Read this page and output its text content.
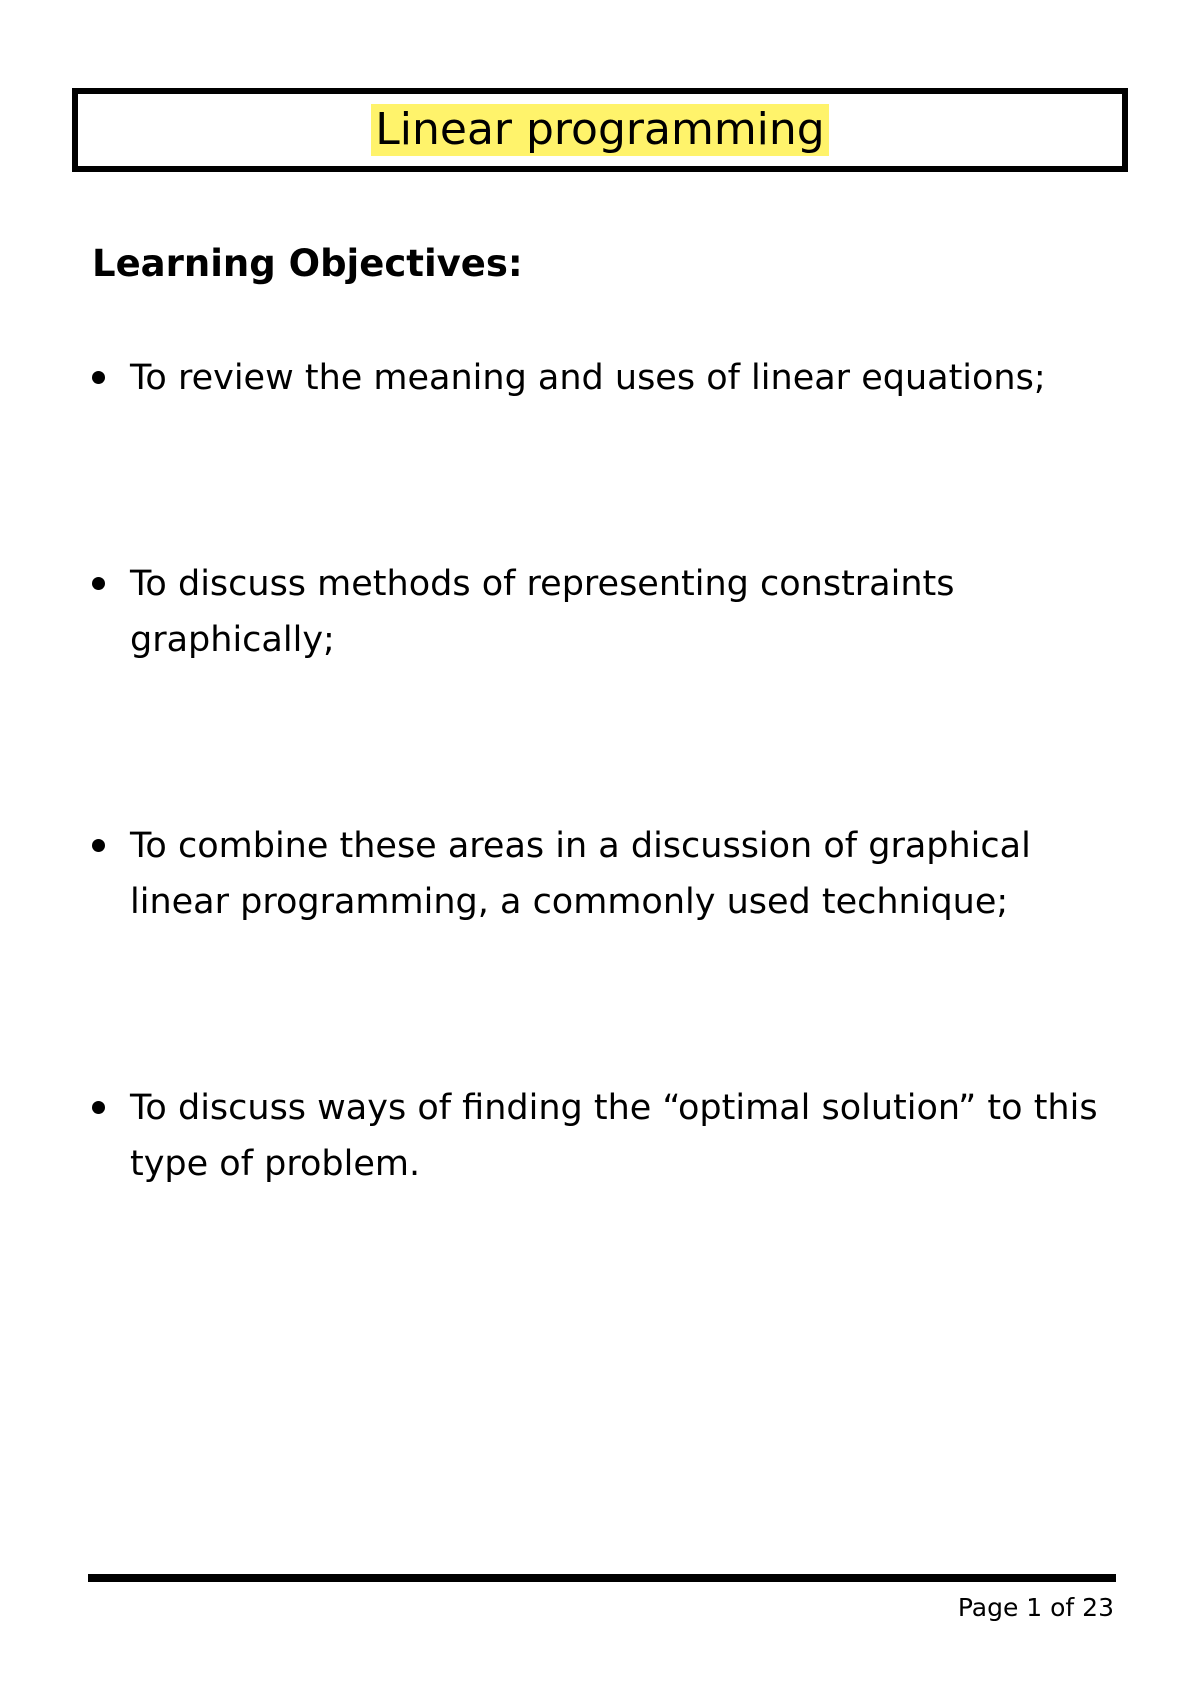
Linear programming
Learning Objectives:
To review the meaning and uses of linear equations;
To discuss methods of representing constraints graphically;
To combine these areas in a discussion of graphical linear programming, a commonly used technique;
To discuss ways of finding the “optimal solution” to this type of problem.
Page 1 of 23
